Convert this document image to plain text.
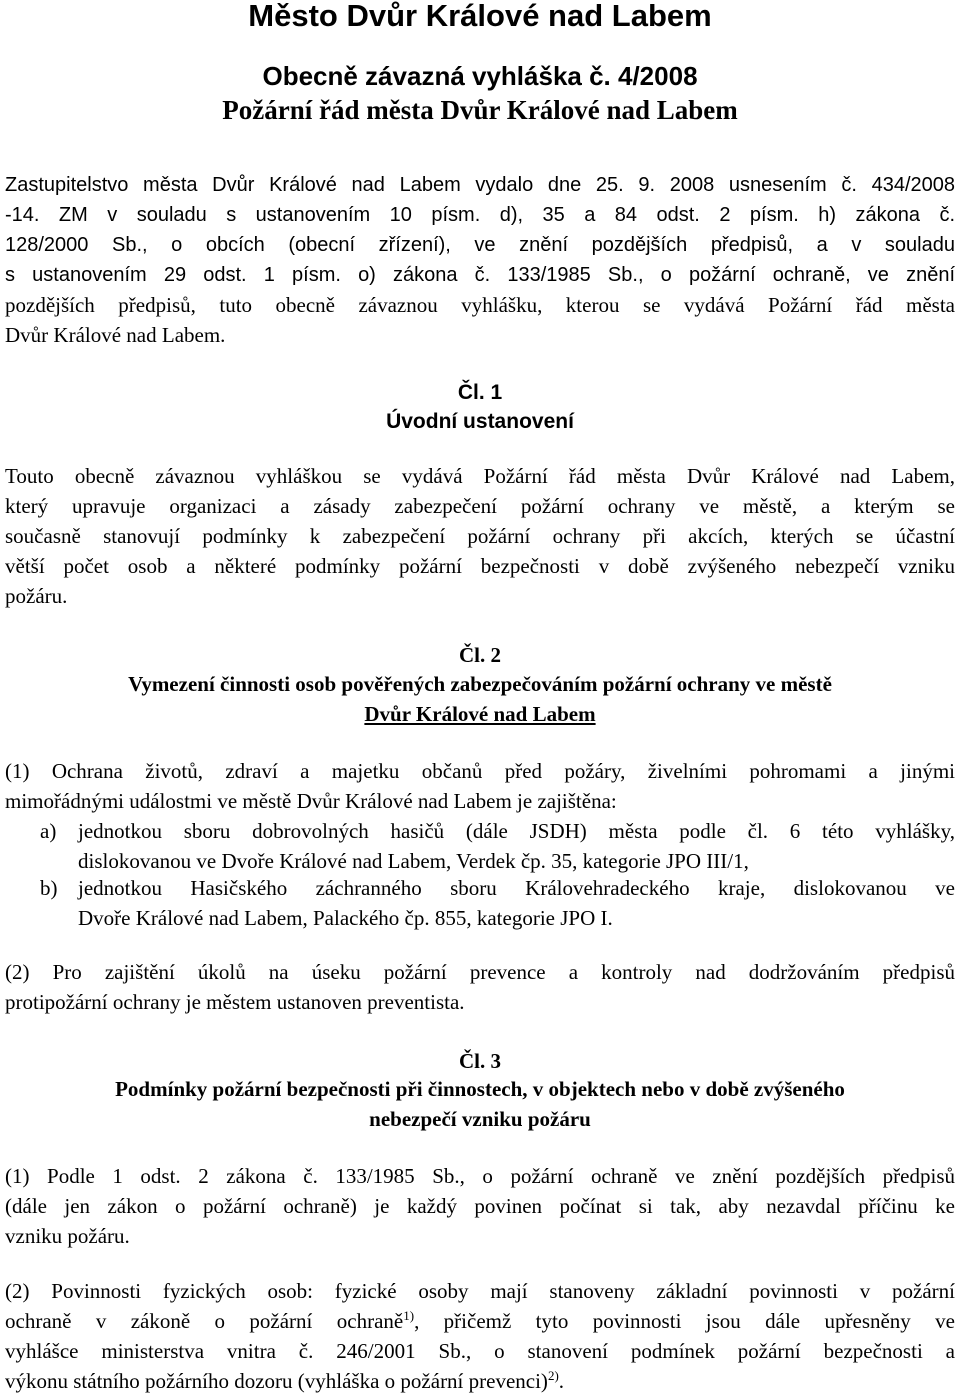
Město Dvůr Králové nad Labem
Obecně závazná vyhláška č. 4/2008
Požární řád města Dvůr Králové nad Labem
Zastupitelstvo města Dvůr Králové nad Labem vydalo dne 25. 9. 2008 usnesením č. 434/2008
-14. ZM v souladu s ustanovením 10 písm. d), 35 a 84 odst. 2 písm. h) zákona č.
128/2000 Sb., o obcích (obecní zřízení), ve znění pozdějších předpisů, a v souladu
s ustanovením 29 odst. 1 písm. o) zákona č. 133/1985 Sb., o požární ochraně, ve znění
pozdějších předpisů, tuto obecně závaznou vyhlášku, kterou se vydává Požární řád města
Dvůr Králové nad Labem.
Čl. 1
Úvodní ustanovení
Touto obecně závaznou vyhláškou se vydává Požární řád města Dvůr Králové nad Labem,
který upravuje organizaci a zásady zabezpečení požární ochrany ve městě, a kterým se
současně stanovují podmínky k zabezpečení požární ochrany při akcích, kterých se účastní
větší počet osob a některé podmínky požární bezpečnosti v době zvýšeného nebezpečí vzniku
požáru.
Čl. 2
Vymezení činnosti osob pověřených zabezpečováním požární ochrany ve městě
Dvůr Králové nad Labem
(1) Ochrana životů, zdraví a majetku občanů před požáry, živelními pohromami a jinými
mimořádnými událostmi ve městě Dvůr Králové nad Labem je zajištěna:
a) jednotkou sboru dobrovolných hasičů (dále JSDH) města podle čl. 6 této vyhlášky,
dislokovanou ve Dvoře Králové nad Labem, Verdek čp. 35, kategorie JPO III/1,
b) jednotkou Hasičského záchranného sboru Královehradeckého kraje, dislokovanou ve
Dvoře Králové nad Labem, Palackého čp. 855, kategorie JPO I.
(2) Pro zajištění úkolů na úseku požární prevence a kontroly nad dodržováním předpisů
protipožární ochrany je městem ustanoven preventista.
Čl. 3
Podmínky požární bezpečnosti při činnostech, v objektech nebo v době zvýšeného
nebezpečí vzniku požáru
(1) Podle 1 odst. 2 zákona č. 133/1985 Sb., o požární ochraně ve znění pozdějších předpisů
(dále jen zákon o požární ochraně) je každý povinen počínat si tak, aby nezavdal příčinu ke
vzniku požáru.
(2) Povinnosti fyzických osob: fyzické osoby mají stanoveny základní povinnosti v požární
ochraně v zákoně o požární ochraně$^{1)}$, přičemž tyto povinnosti jsou dále upřesněny ve
vyhlášce ministerstva vnitra č. 246/2001 Sb., o stanovení podmínek požární bezpečnosti a
výkonu státního požárního dozoru (vyhláška o požární prevenci)$^{2)}$.
